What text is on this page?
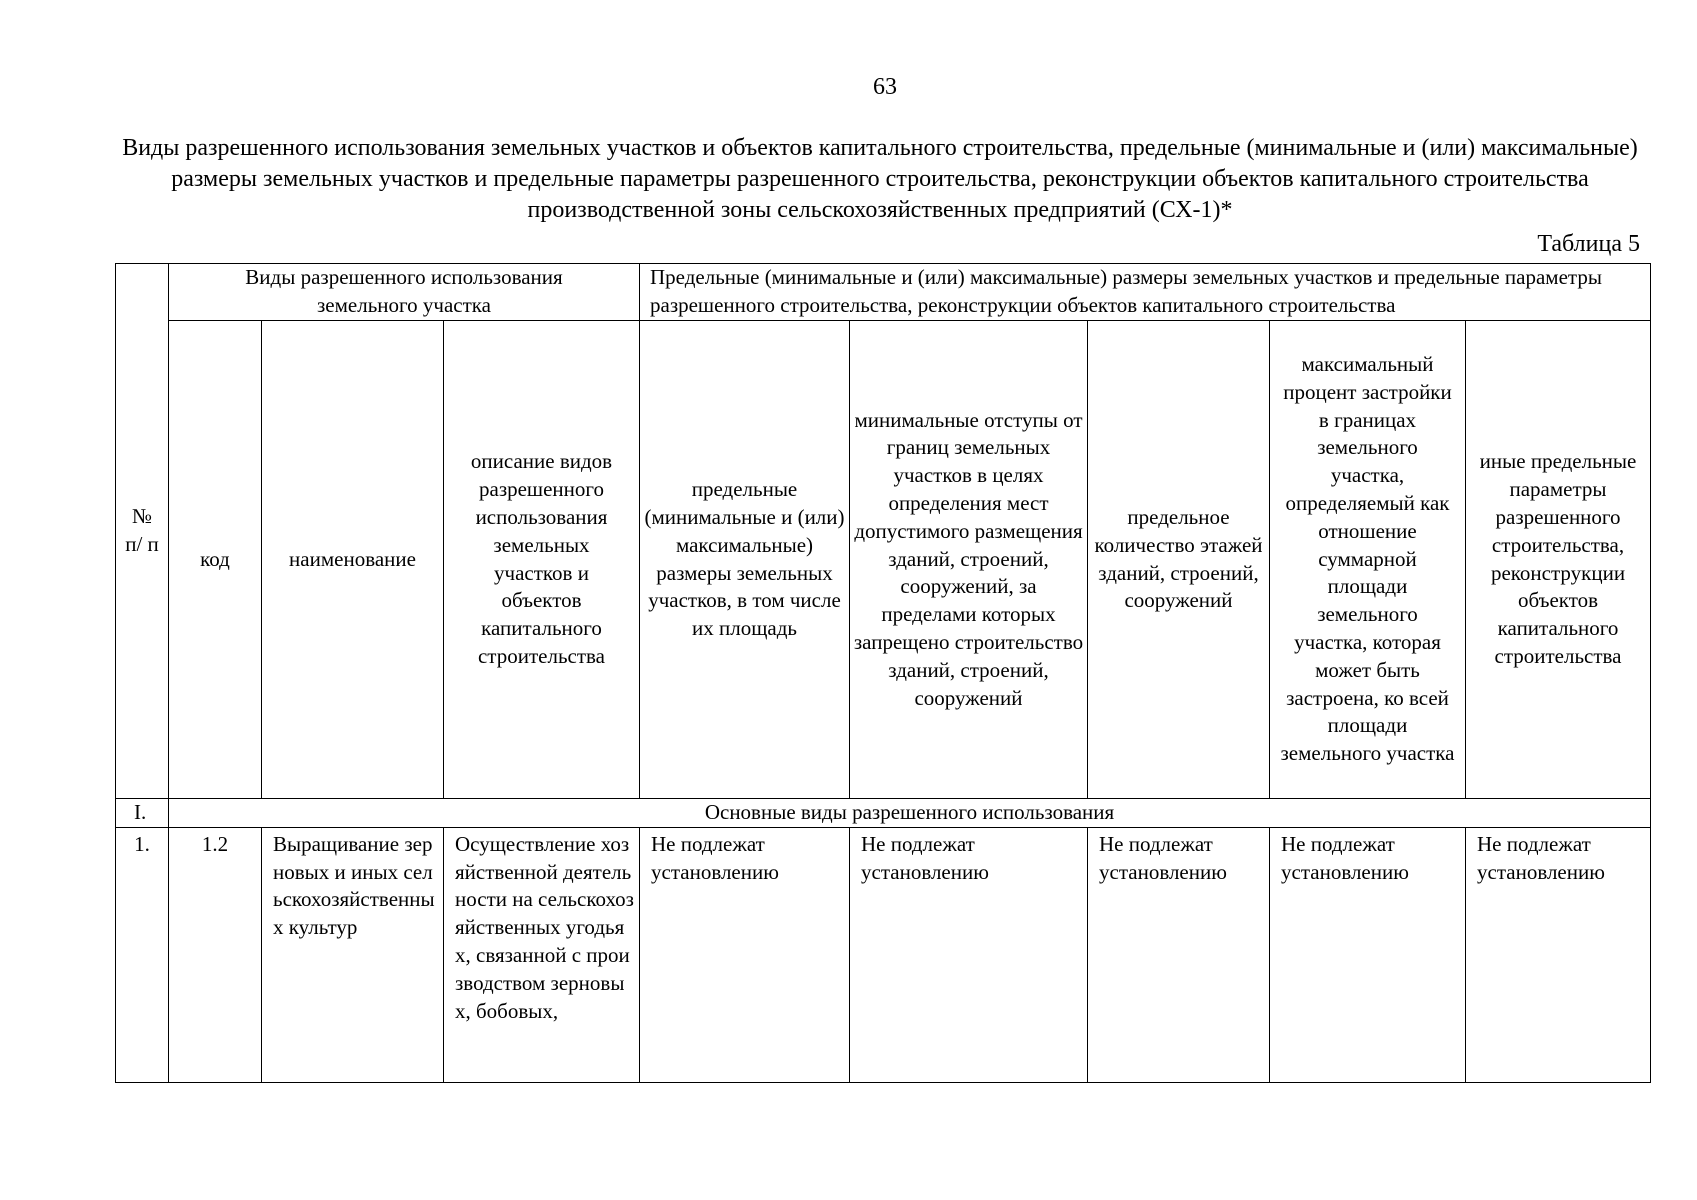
63
Виды разрешенного использования земельных участков и объектов капитального строительства, предельные (минимальные и (или) максимальные) размеры земельных участков и предельные параметры разрешенного строительства, реконструкции объектов капитального строительства производственной зоны сельскохозяйственных предприятий (СХ-1)*
Таблица 5
№ п/ п	Виды разрешенного использования земельного участка			Предельные (минимальные и (или) максимальные) размеры земельных участков и предельные параметры разрешенного строительства, реконструкции объектов капитального строительства				
	код	наименование	описание видов разрешенного использования земельных участков и объектов капитального строительства	предельные (минимальные и (или) максимальные) размеры земельных участков, в том числе их площадь	минимальные отступы от границ земельных участков в целях определения мест допустимого размещения зданий, строений, сооружений, за пределами которых запрещено строительство зданий, строений, сооружений	предельное количество этажей зданий, строений, сооружений	максимальный процент застройки в границах земельного участка, определяемый как отношение суммарной площади земельного участка, которая может быть застроена, ко всей площади земельного участка	иные предельные параметры разрешенного строительства, реконструкции объектов капитального строительства
I.	Основные виды разрешенного использования							
1.	1.2	Выращивание зерновых и иных сельскохозяйственных культур	Осуществление хозяйственной деятельности на сельскохозяйственных угодьях, связанной с производством зерновых, бобовых,	Не подлежат установлению	Не подлежат установлению	Не подлежат установлению	Не подлежат установлению	Не подлежат установлению
